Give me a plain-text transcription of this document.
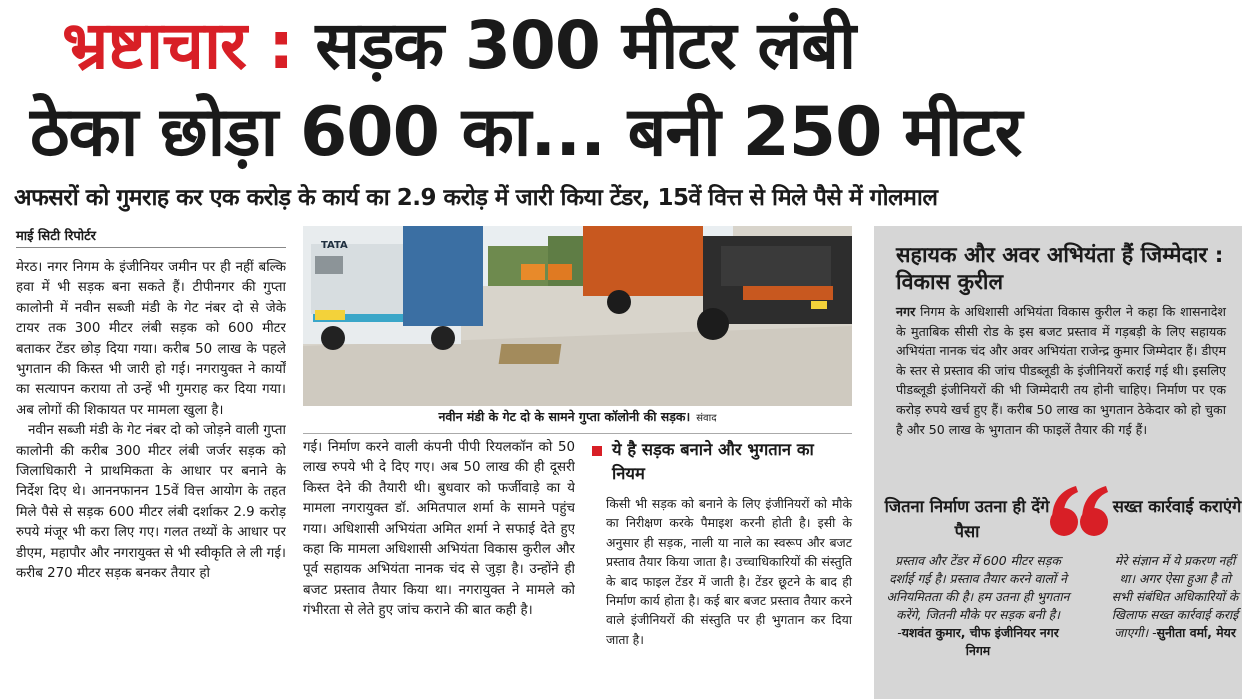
भ्रष्टाचार : सड़क 300 मीटर लंबी
ठेका छोड़ा 600 का... बनी 250 मीटर
अफसरों को गुमराह कर एक करोड़ के कार्य का 2.9 करोड़ में जारी किया टेंडर, 15वें वित्त से मिले पैसे में गोलमाल
माई सिटी रिपोर्टर

मेरठ। नगर निगम के इंजीनियर जमीन पर ही नहीं बल्कि हवा में भी सड़क बना सकते हैं। टीपीनगर की गुप्ता कालोनी में नवीन सब्जी मंडी के गेट नंबर दो से जेके टायर तक 300 मीटर लंबी सड़क को 600 मीटर बताकर टेंडर छोड़ दिया गया। करीब 50 लाख के पहले भुगतान की किस्त भी जारी हो गई। नगरायुक्त ने कार्यों का सत्यापन कराया तो उन्हें भी गुमराह कर दिया गया। अब लोगों की शिकायत पर मामला खुला है।

नवीन सब्जी मंडी के गेट नंबर दो को जोड़ने वाली गुप्ता कालोनी की करीब 300 मीटर लंबी जर्जर सड़क को जिलाधिकारी ने प्राथमिकता के आधार पर बनाने के निर्देश दिए थे। आननफानन 15वें वित्त आयोग के तहत मिले पैसे से सड़क 600 मीटर लंबी दर्शाकर 2.9 करोड़ रुपये मंजूर भी करा लिए गए। गलत तथ्यों के आधार पर डीएम, महापौर और नगरायुक्त से भी स्वीकृति ले ली गई। करीब 270 मीटर सड़क बनकर तैयार हो

TATA
नवीन मंडी के गेट दो के सामने गुप्ता कॉलोनी की सड़क। संवाद

गई। निर्माण करने वाली कंपनी पीपी रियलकॉन को 50 लाख रुपये भी दे दिए गए। अब 50 लाख की ही दूसरी किस्त देने की तैयारी थी। बुधवार को फर्जीवाड़े का ये मामला नगरायुक्त डॉ. अमितपाल शर्मा के सामने पहुंच गया। अधिशासी अभियंता अमित शर्मा ने सफाई देते हुए कहा कि मामला अधिशासी अभियंता विकास कुरील और पूर्व सहायक अभियंता नानक चंद से जुड़ा है। उन्होंने ही बजट प्रस्ताव तैयार किया था। नगरायुक्त ने मामले को गंभीरता से लेते हुए जांच कराने की बात कही है।

ये है सड़क बनाने और भुगतान का नियम
किसी भी सड़क को बनाने के लिए इंजीनियरों को मौके का निरीक्षण करके पैमाइश करनी होती है। इसी के अनुसार ही सड़क, नाली या नाले का स्वरूप और बजट प्रस्ताव तैयार किया जाता है। उच्चाधिकारियों की संस्तुति के बाद फाइल टेंडर में जाती है। टेंडर छूटने के बाद ही निर्माण कार्य होता है। कई बार बजट प्रस्ताव तैयार करने वाले इंजीनियरों की संस्तुति पर ही भुगतान कर दिया जाता है।
सहायक और अवर अभियंता हैं जिम्मेदार : विकास कुरील
नगर निगम के अधिशासी अभियंता विकास कुरील ने कहा कि शासनादेश के मुताबिक सीसी रोड के इस बजट प्रस्ताव में गड़बड़ी के लिए सहायक अभियंता नानक चंद और अवर अभियंता राजेन्द्र कुमार जिम्मेदार हैं। डीएम के स्तर से प्रस्ताव की जांच पीडब्लूडी के इंजीनियरों कराई गई थी। इसलिए पीडब्लूडी इंजीनियरों की भी जिम्मेदारी तय होनी चाहिए। निर्माण पर एक करोड़ रुपये खर्च हुए हैं। करीब 50 लाख का भुगतान ठेकेदार को हो चुका है और 50 लाख के भुगतान की फाइलें तैयार की गई हैं।
जितना निर्माण उतना ही देंगे पैसा
सख्त कार्रवाई कराएंगे
प्रस्ताव और टेंडर में 600 मीटर सड़क दर्शाई गई है। प्रस्ताव तैयार करने वालों ने अनियमितता की है। हम उतना ही भुगतान करेंगे, जितनी मौके पर सड़क बनी है। -यशवंत कुमार, चीफ इंजीनियर नगर निगम
मेरे संज्ञान में ये प्रकरण नहीं था। अगर ऐसा हुआ है तो सभी संबंधित अधिकारियों के खिलाफ सख्त कार्रवाई कराई जाएगी। -सुनीता वर्मा, मेयर
